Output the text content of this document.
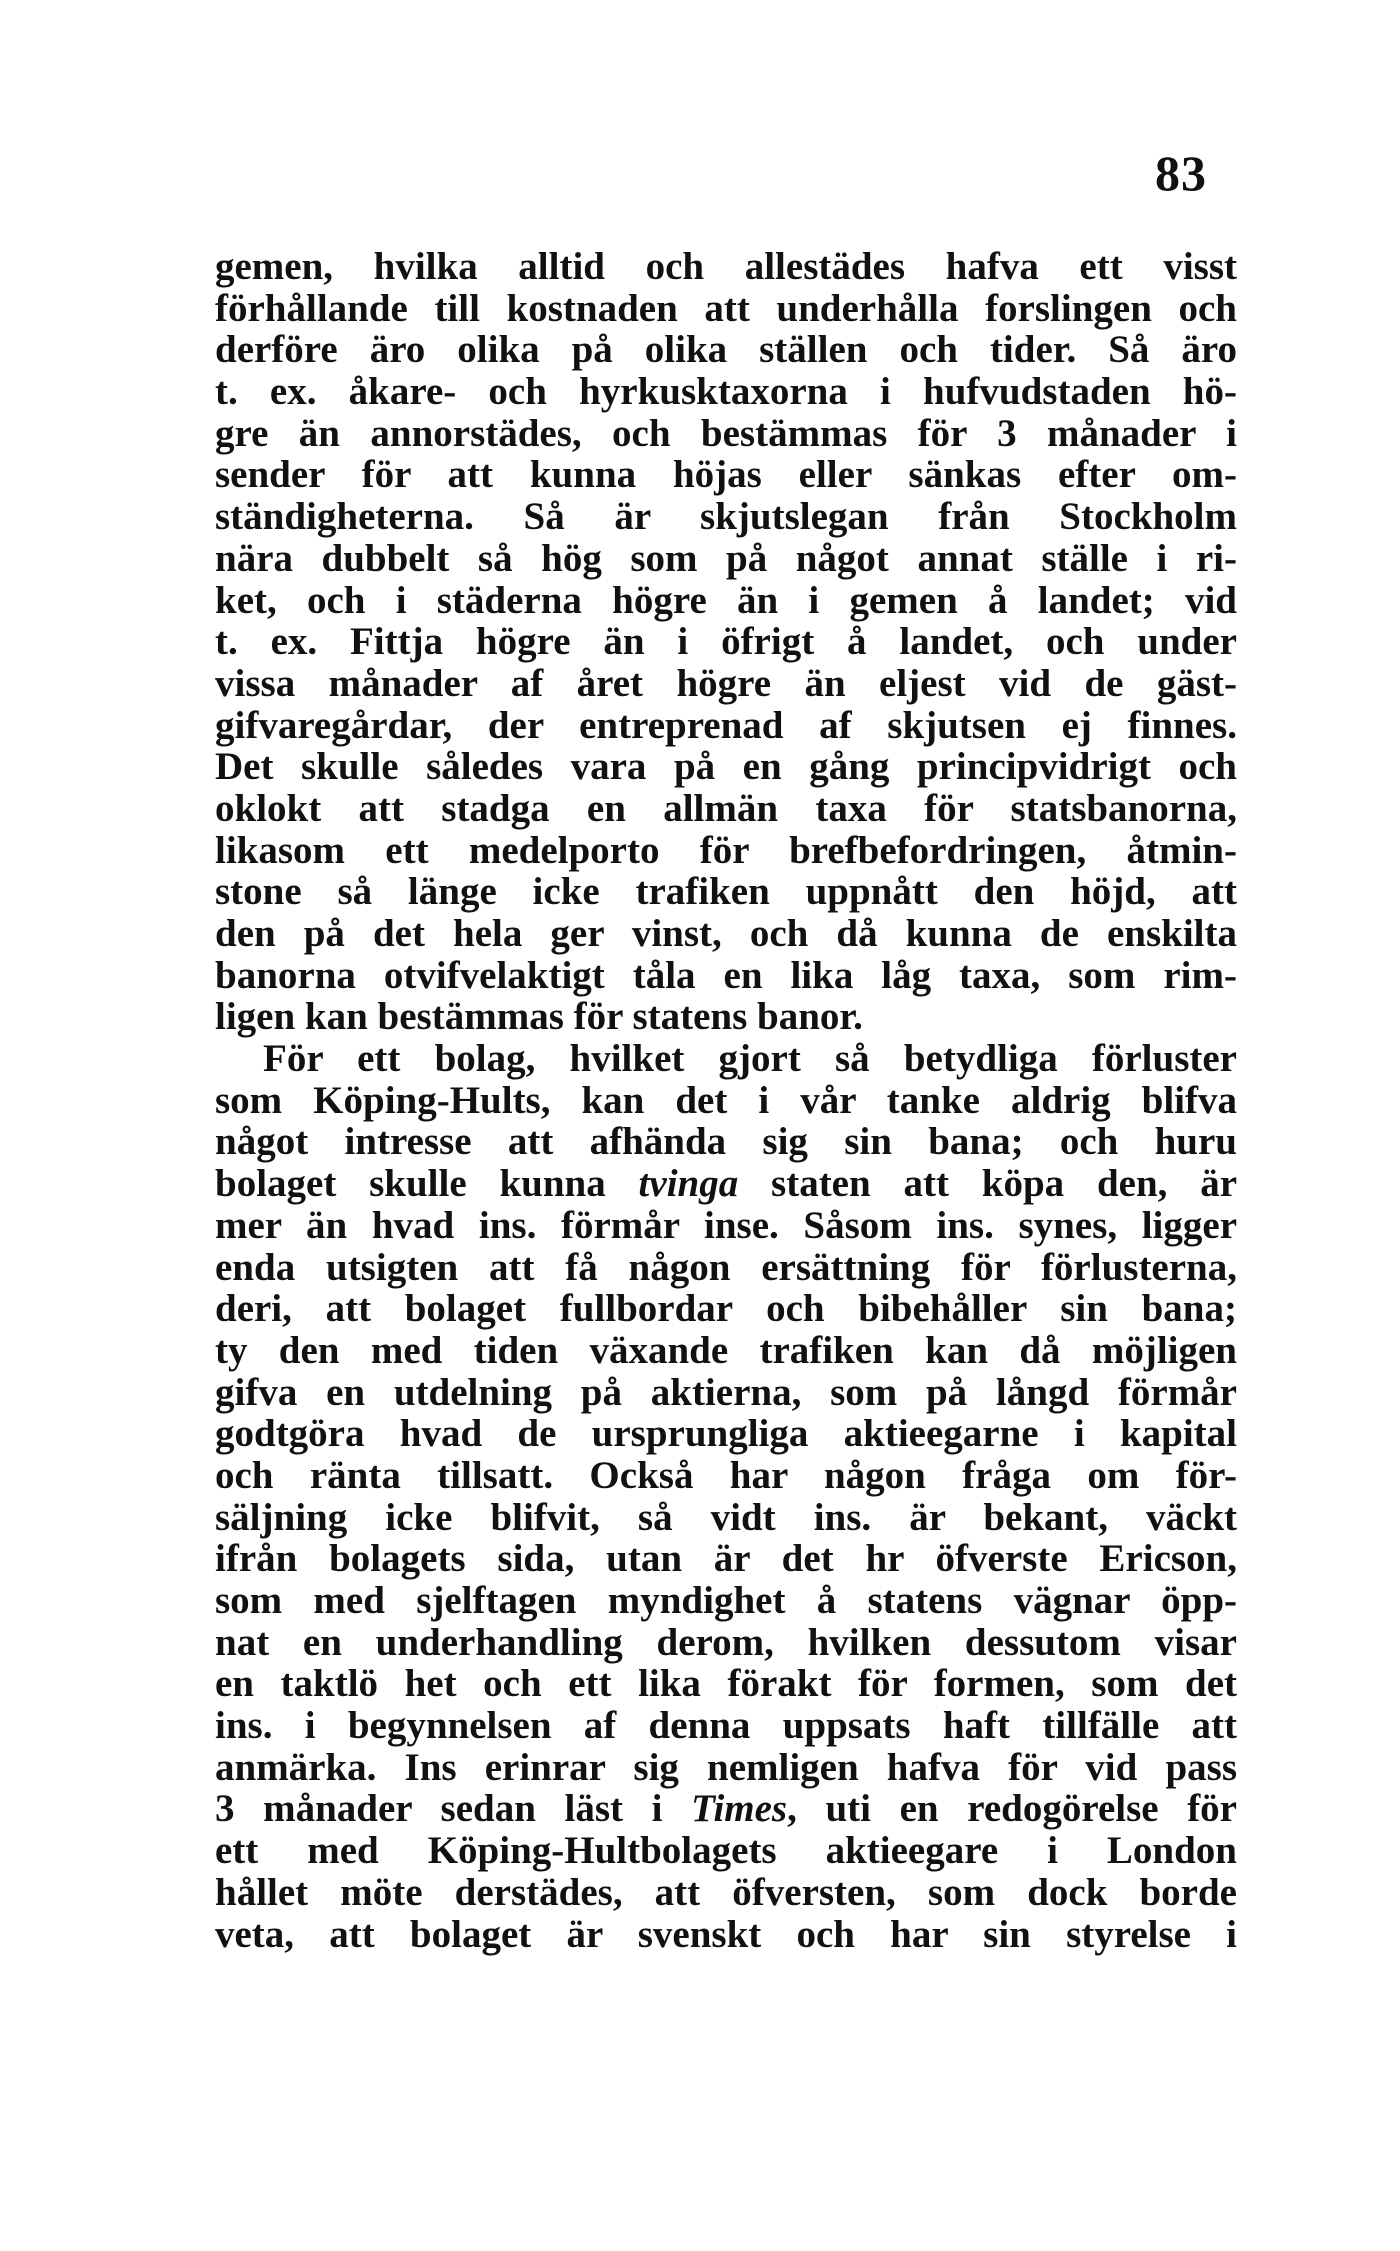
83
gemen, hvilka alltid och allestädes hafva ett visst
förhållande till kostnaden att underhålla forslingen och
derföre äro olika på olika ställen och tider. Så äro
t. ex. åkare- och hyrkusktaxorna i hufvudstaden hö-
gre än annorstädes, och bestämmas för 3 månader i
sender för att kunna höjas eller sänkas efter om-
ständigheterna. Så är skjutslegan från Stockholm
nära dubbelt så hög som på något annat ställe i ri-
ket, och i städerna högre än i gemen å landet; vid
t. ex. Fittja högre än i öfrigt å landet, och under
vissa månader af året högre än eljest vid de gäst-
gifvaregårdar, der entreprenad af skjutsen ej finnes.
Det skulle således vara på en gång principvidrigt och
oklokt att stadga en allmän taxa för statsbanorna,
likasom ett medelporto för brefbefordringen, åtmin-
stone så länge icke trafiken uppnått den höjd, att
den på det hela ger vinst, och då kunna de enskilta
banorna otvifvelaktigt tåla en lika låg taxa, som rim-
ligen kan bestämmas för statens banor.
För ett bolag, hvilket gjort så betydliga förluster
som Köping-Hults, kan det i vår tanke aldrig blifva
något intresse att afhända sig sin bana; och huru
bolaget skulle kunna tvinga staten att köpa den, är
mer än hvad ins. förmår inse. Såsom ins. synes, ligger
enda utsigten att få någon ersättning för förlusterna,
deri, att bolaget fullbordar och bibehåller sin bana;
ty den med tiden växande trafiken kan då möjligen
gifva en utdelning på aktierna, som på långd förmår
godtgöra hvad de ursprungliga aktieegarne i kapital
och ränta tillsatt. Också har någon fråga om för-
säljning icke blifvit, så vidt ins. är bekant, väckt
ifrån bolagets sida, utan är det hr öfverste Ericson,
som med sjelftagen myndighet å statens vägnar öpp-
nat en underhandling derom, hvilken dessutom visar
en taktlö het och ett lika förakt för formen, som det
ins. i begynnelsen af denna uppsats haft tillfälle att
anmärka. Ins erinrar sig nemligen hafva för vid pass
3 månader sedan läst i Times, uti en redogörelse för
ett med Köping-Hultbolagets aktieegare i London
hållet möte derstädes, att öfversten, som dock borde
veta, att bolaget är svenskt och har sin styrelse i
